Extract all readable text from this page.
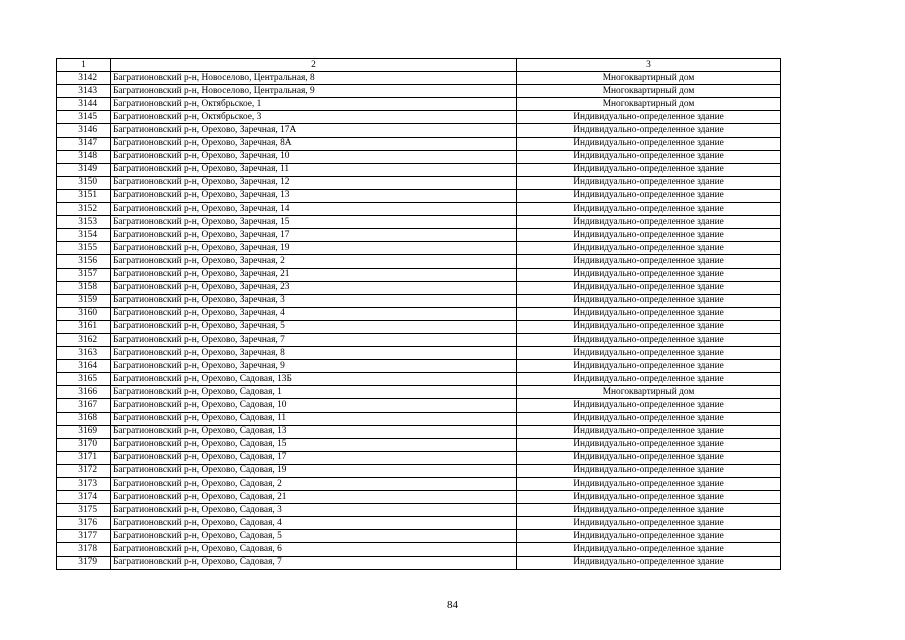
1	2	3
3142	Багратионовский р-н, Новоселово, Центральная, 8	Многоквартирный дом
3143	Багратионовский р-н, Новоселово, Центральная, 9	Многоквартирный дом
3144	Багратионовский р-н, Октябрьское, 1	Многоквартирный дом
3145	Багратионовский р-н, Октябрьское, 3	Индивидуально-определенное здание
3146	Багратионовский р-н, Орехово, Заречная, 17А	Индивидуально-определенное здание
3147	Багратионовский р-н, Орехово, Заречная, 8А	Индивидуально-определенное здание
3148	Багратионовский р-н, Орехово, Заречная, 10	Индивидуально-определенное здание
3149	Багратионовский р-н, Орехово, Заречная, 11	Индивидуально-определенное здание
3150	Багратионовский р-н, Орехово, Заречная, 12	Индивидуально-определенное здание
3151	Багратионовский р-н, Орехово, Заречная, 13	Индивидуально-определенное здание
3152	Багратионовский р-н, Орехово, Заречная, 14	Индивидуально-определенное здание
3153	Багратионовский р-н, Орехово, Заречная, 15	Индивидуально-определенное здание
3154	Багратионовский р-н, Орехово, Заречная, 17	Индивидуально-определенное здание
3155	Багратионовский р-н, Орехово, Заречная, 19	Индивидуально-определенное здание
3156	Багратионовский р-н, Орехово, Заречная, 2	Индивидуально-определенное здание
3157	Багратионовский р-н, Орехово, Заречная, 21	Индивидуально-определенное здание
3158	Багратионовский р-н, Орехово, Заречная, 23	Индивидуально-определенное здание
3159	Багратионовский р-н, Орехово, Заречная, 3	Индивидуально-определенное здание
3160	Багратионовский р-н, Орехово, Заречная, 4	Индивидуально-определенное здание
3161	Багратионовский р-н, Орехово, Заречная, 5	Индивидуально-определенное здание
3162	Багратионовский р-н, Орехово, Заречная, 7	Индивидуально-определенное здание
3163	Багратионовский р-н, Орехово, Заречная, 8	Индивидуально-определенное здание
3164	Багратионовский р-н, Орехово, Заречная, 9	Индивидуально-определенное здание
3165	Багратионовский р-н, Орехово, Садовая, 13Б	Индивидуально-определенное здание
3166	Багратионовский р-н, Орехово, Садовая, 1	Многоквартирный дом
3167	Багратионовский р-н, Орехово, Садовая, 10	Индивидуально-определенное здание
3168	Багратионовский р-н, Орехово, Садовая, 11	Индивидуально-определенное здание
3169	Багратионовский р-н, Орехово, Садовая, 13	Индивидуально-определенное здание
3170	Багратионовский р-н, Орехово, Садовая, 15	Индивидуально-определенное здание
3171	Багратионовский р-н, Орехово, Садовая, 17	Индивидуально-определенное здание
3172	Багратионовский р-н, Орехово, Садовая, 19	Индивидуально-определенное здание
3173	Багратионовский р-н, Орехово, Садовая, 2	Индивидуально-определенное здание
3174	Багратионовский р-н, Орехово, Садовая, 21	Индивидуально-определенное здание
3175	Багратионовский р-н, Орехово, Садовая, 3	Индивидуально-определенное здание
3176	Багратионовский р-н, Орехово, Садовая, 4	Индивидуально-определенное здание
3177	Багратионовский р-н, Орехово, Садовая, 5	Индивидуально-определенное здание
3178	Багратионовский р-н, Орехово, Садовая, 6	Индивидуально-определенное здание
3179	Багратионовский р-н, Орехово, Садовая, 7	Индивидуально-определенное здание
84
